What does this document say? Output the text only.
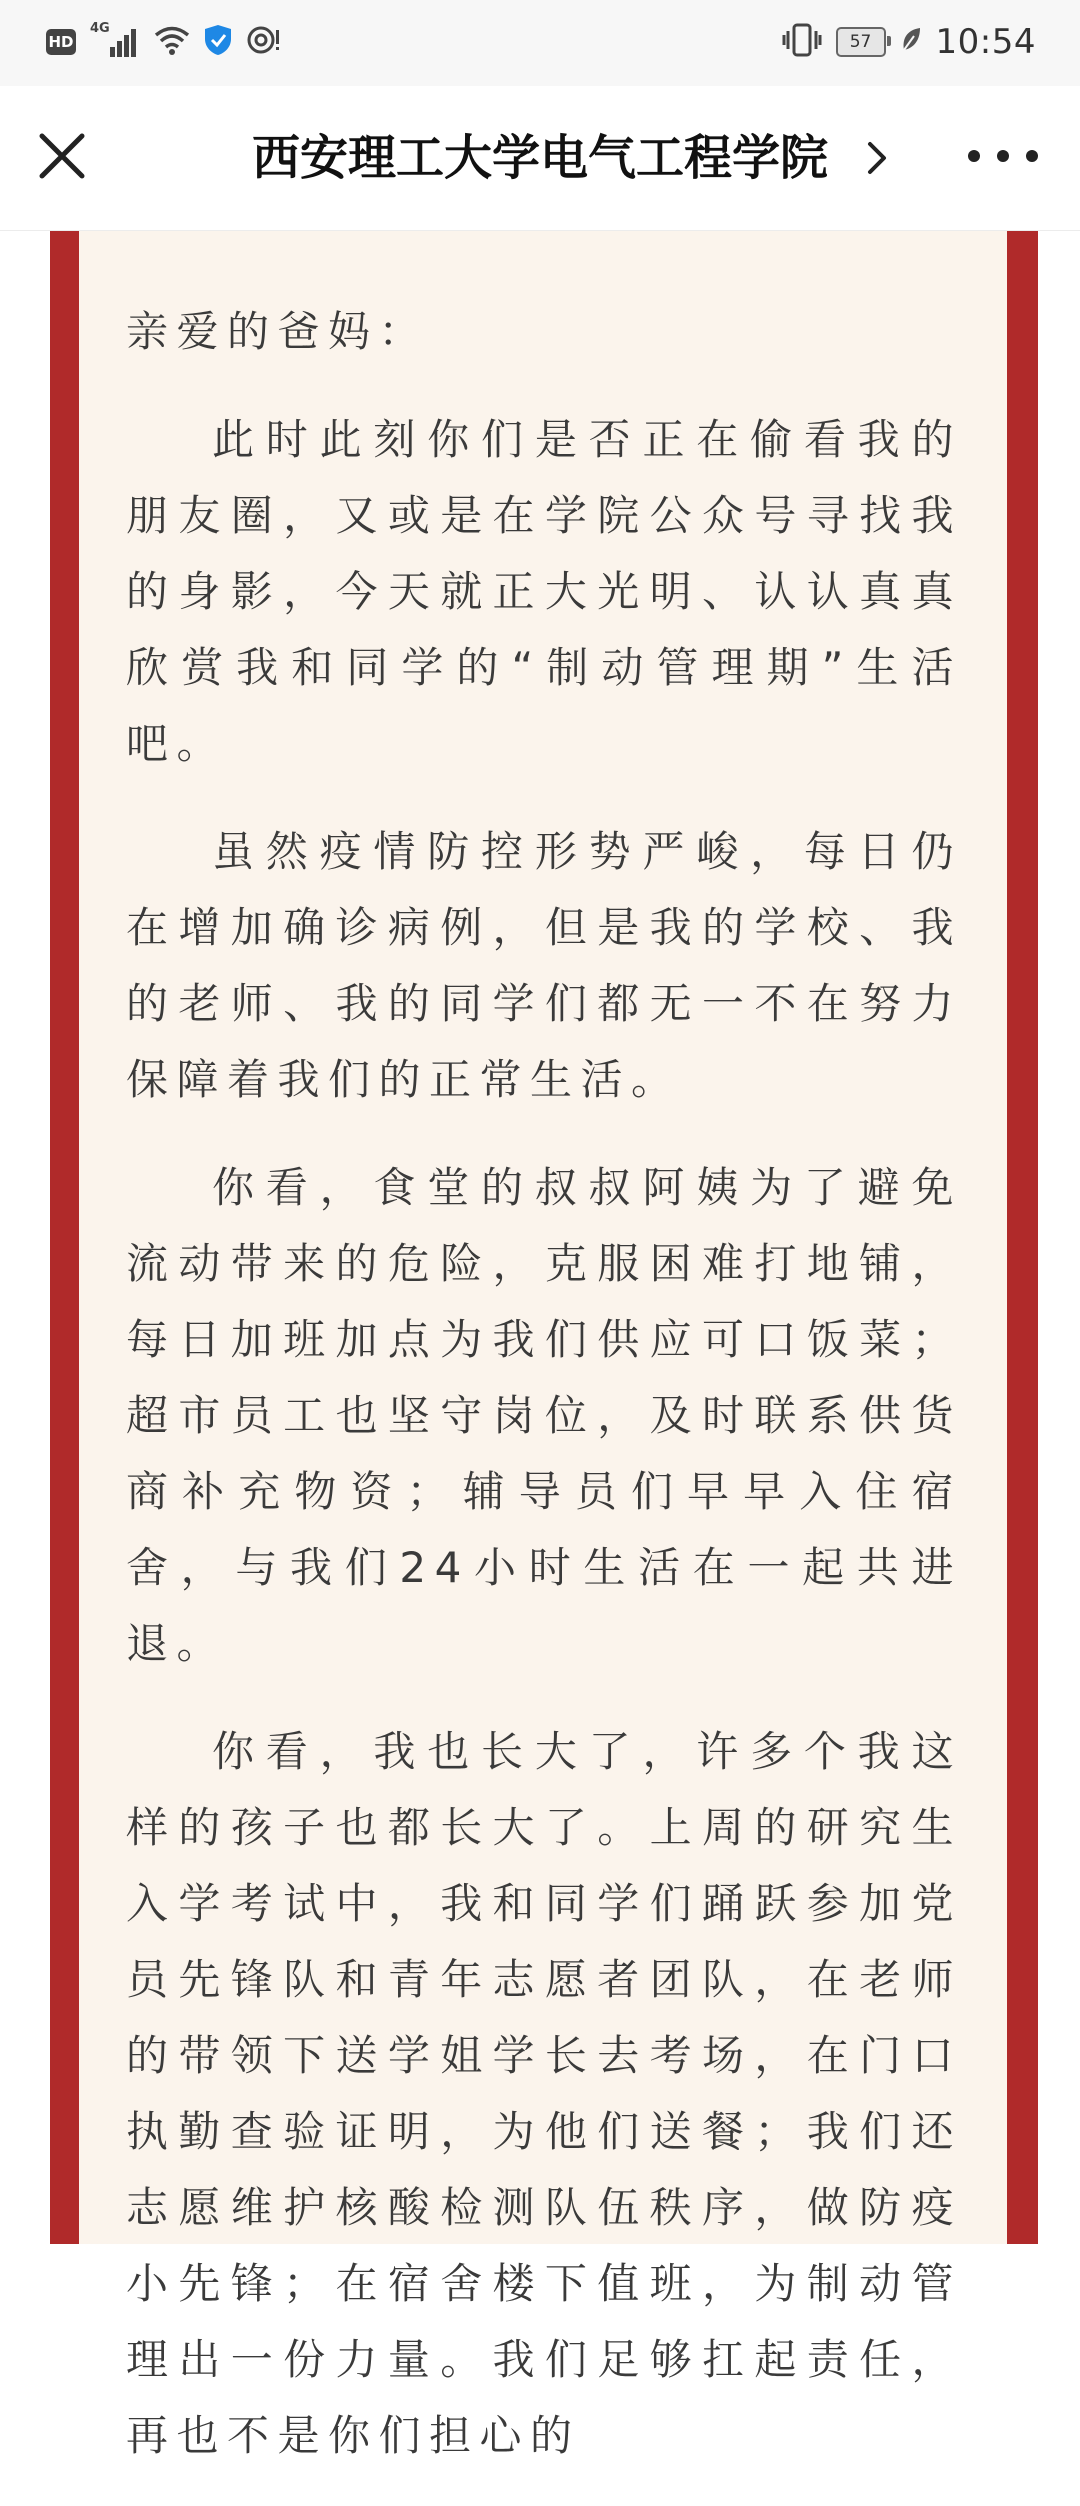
HD
4G
57 10:54
西安理工大学电气工程学院
亲爱的爸妈：

此时此刻你们是否正在偷看我的朋友圈，又或是在学院公众号寻找我的身影，今天就正大光明、认认真真欣赏我和同学的“制动管理期”生活吧。

虽然疫情防控形势严峻，每日仍在增加确诊病例，但是我的学校、我的老师、我的同学们都无一不在努力保障着我们的正常生活。

你看，食堂的叔叔阿姨为了避免流动带来的危险，克服困难打地铺，每日加班加点为我们供应可口饭菜；超市员工也坚守岗位，及时联系供货商补充物资；辅导员们早早入住宿舍，与我们24小时生活在一起共进退。

你看，我也长大了，许多个我这样的孩子也都长大了。上周的研究生入学考试中，我和同学们踊跃参加党员先锋队和青年志愿者团队，在老师的带领下送学姐学长去考场，在门口执勤查验证明，为他们送餐；我们还志愿维护核酸检测队伍秩序，做防疫小先锋；在宿舍楼下值班，为制动管理出一份力量。我们足够扛起责任，再也不是你们担心的
